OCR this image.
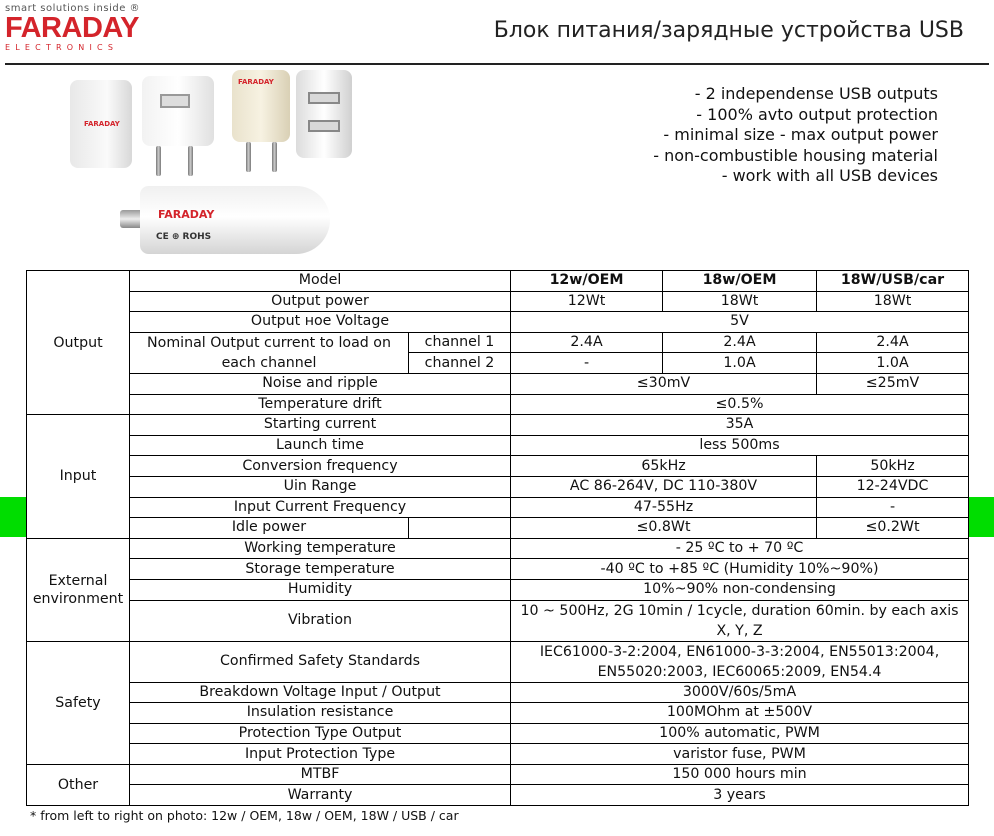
smart solutions inside ®
FARADAY
ELECTRONICS
Блок питания/зарядные устройства USB
FARADAY
FARADAY
FARADAY
CE ⊕ ROHS
- 2 independense USB outputs
- 100% avto output protection
- minimal size - max output power
- non-combustible housing material
- work with all USB devices
Output	Model		12w/OEM	18w/OEM	18W/USB/car
	Output power		12Wt	18Wt	18Wt
	Output ное Voltage		5V		
	Nominal Output current to load on each channel	channel 1	2.4A	2.4A	2.4A
		channel 2	-	1.0A	1.0A
	Noise and ripple		≤30mV		≤25mV
	Temperature drift		≤0.5%		
Input	Starting current		35A		
	Launch time		less 500ms		
	Conversion frequency		65kHz		50kHz
	Uin Range		AC 86-264V, DC 110-380V		12-24VDC
	Input Current Frequency		47-55Hz		-
	Idle power		≤0.8Wt		≤0.2Wt
External environment	Working temperature		- 25 ºC to + 70 ºC		
	Storage temperature		-40 ºC to +85 ºC (Humidity 10%~90%)		
	Humidity		10%~90% non-condensing		
	Vibration		10 ~ 500Hz, 2G 10min / 1cycle, duration 60min. by each axis X, Y, Z		

Safety	Confirmed Safety Standards		IEC61000-3-2:2004, EN61000-3-3:2004, EN55013:2004, EN55020:2003, IEC60065:2009, EN54.4		

	Breakdown Voltage Input / Output		3000V/60s/5mA		
	Insulation resistance		100MOhm at ±500V		
	Protection Type Output		100% automatic, PWM		
	Input Protection Type		varistor fuse, PWM		
Other	MTBF		150 000 hours min		
	Warranty		3 years		
* from left to right on photo: 12w / OEM, 18w / OEM, 18W / USB / car
